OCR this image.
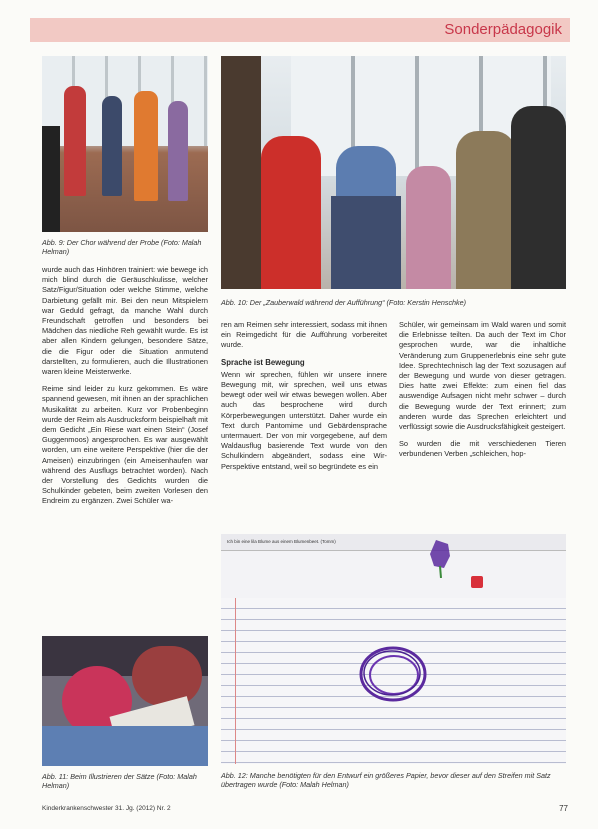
Sonderpädagogik
Abb. 9: Der Chor während der Probe (Foto: Malah Helman)
Abb. 10: Der „Zauberwald während der Aufführung“ (Foto: Kerstin Henschke)

wurde auch das Hinhören trainiert: wie bewege ich mich blind durch die Geräuschkulisse, welcher Satz/Figur/Situation oder welche Stimme, welche Darbietung gefällt mir. Bei den neun Mitspielern war Geduld gefragt, da manche Wahl durch Freundschaft getroffen und besonders bei Mädchen das niedliche Reh gewählt wurde. Es ist aber allen Kindern gelungen, besondere Sätze, die die Figur oder die Situation anmutend darstellten, zu formulieren, auch die Illustrationen waren kleine Meisterwerke.

Reime sind leider zu kurz gekommen. Es wäre spannend gewesen, mit ihnen an der sprachlichen Musikalität zu arbeiten. Kurz vor Probenbeginn wurde der Reim als Ausdrucksform beispielhaft mit dem Gedicht „Ein Riese wart einen Stein“ (Josef Guggenmoos) angesprochen. Es war ausgewählt worden, um eine weitere Perspektive (hier die der Ameisen) einzubringen (ein Ameisenhaufen war während des Ausflugs betrachtet worden). Nach der Vorstellung des Gedichts wurden die Schulkinder gebeten, beim zweiten Vorlesen den Endreim zu ergänzen. Zwei Schüler wa-

ren am Reimen sehr interessiert, sodass mit ihnen ein Reimgedicht für die Aufführung vorbereitet wurde.

Sprache ist Bewegung

Wenn wir sprechen, fühlen wir unsere innere Bewegung mit, wir sprechen, weil uns etwas bewegt oder weil wir etwas bewegen wollen. Aber auch das besprochene wird durch Körperbewegungen unterstützt. Daher wurde ein Text durch Pantomime und Gebärdensprache untermauert. Der von mir vorgegebene, auf dem Waldausflug basierende Text wurde von den Schulkindern abgeändert, sodass eine Wir-Perspektive entstand, weil so begründete es ein

Schüler, wir gemeinsam im Wald waren und somit die Erlebnisse teilten. Da auch der Text im Chor gesprochen wurde, war die inhaltliche Veränderung zum Gruppenerlebnis eine sehr gute Idee. Sprechtechnisch lag der Text sozusagen auf der Bewegung und wurde von dieser getragen. Dies hatte zwei Effekte: zum einen fiel das auswendige Aufsagen nicht mehr schwer – durch die Bewegung wurde der Text erinnert; zum anderen wurde das Sprechen erleichtert und verflüssigt sowie die Ausdrucksfähigkeit gesteigert.

So wurden die mit verschiedenen Tieren verbundenen Verben „schleichen, hop-

Abb. 11: Beim Illustrieren der Sätze (Foto: Malah Helman)
Ich bin eine lila Blume aus einem Blumenbeet. (Tomm)
Abb. 12: Manche benötigten für den Entwurf ein größeres Papier, bevor dieser auf den Streifen mit Satz übertragen wurde (Foto: Malah Helman)
Kinderkrankenschwester 31. Jg. (2012) Nr. 2	77
